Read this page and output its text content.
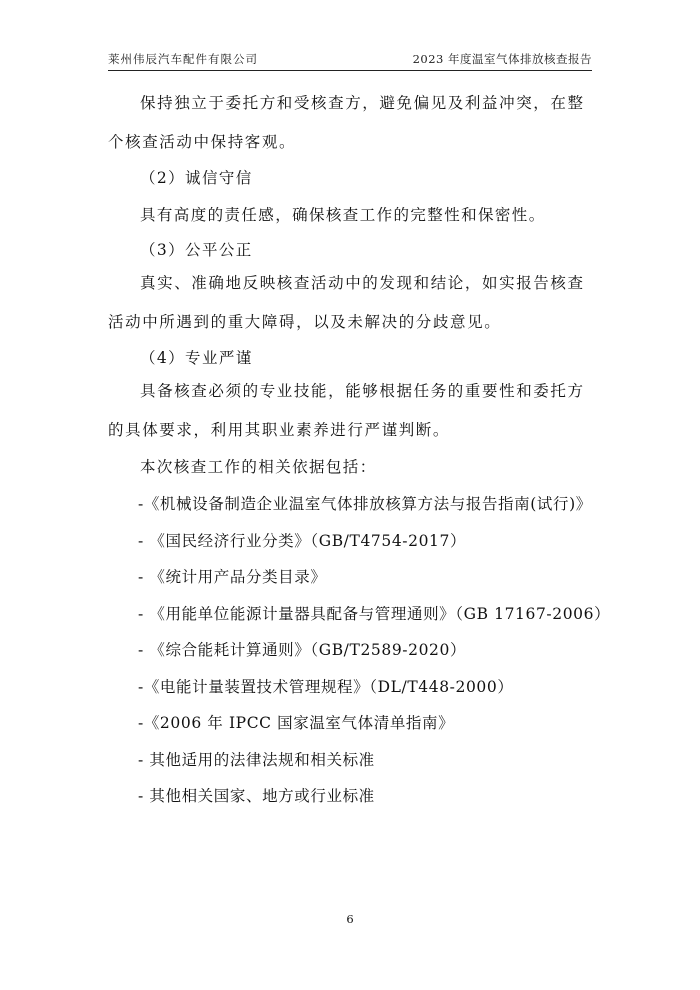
莱州伟辰汽车配件有限公司	2023 年度温室气体排放核查报告

保持独立于委托方和受核查方，避免偏见及利益冲突，在整个核查活动中保持客观。

（2）诚信守信

具有高度的责任感，确保核查工作的完整性和保密性。

（3）公平公正

真实、准确地反映核查活动中的发现和结论，如实报告核查活动中所遇到的重大障碍，以及未解决的分歧意见。

（4）专业严谨

具备核查必须的专业技能，能够根据任务的重要性和委托方的具体要求，利用其职业素养进行严谨判断。

本次核查工作的相关依据包括：

-《机械设备制造企业温室气体排放核算方法与报告指南(试行)》

- 《国民经济行业分类》（GB/T4754-2017）

- 《统计用产品分类目录》

- 《用能单位能源计量器具配备与管理通则》（GB 17167-2006）

- 《综合能耗计算通则》（GB/T2589-2020）

-《电能计量装置技术管理规程》（DL/T448-2000）

-《2006 年 IPCC 国家温室气体清单指南》

- 其他适用的法律法规和相关标准

- 其他相关国家、地方或行业标准

6
